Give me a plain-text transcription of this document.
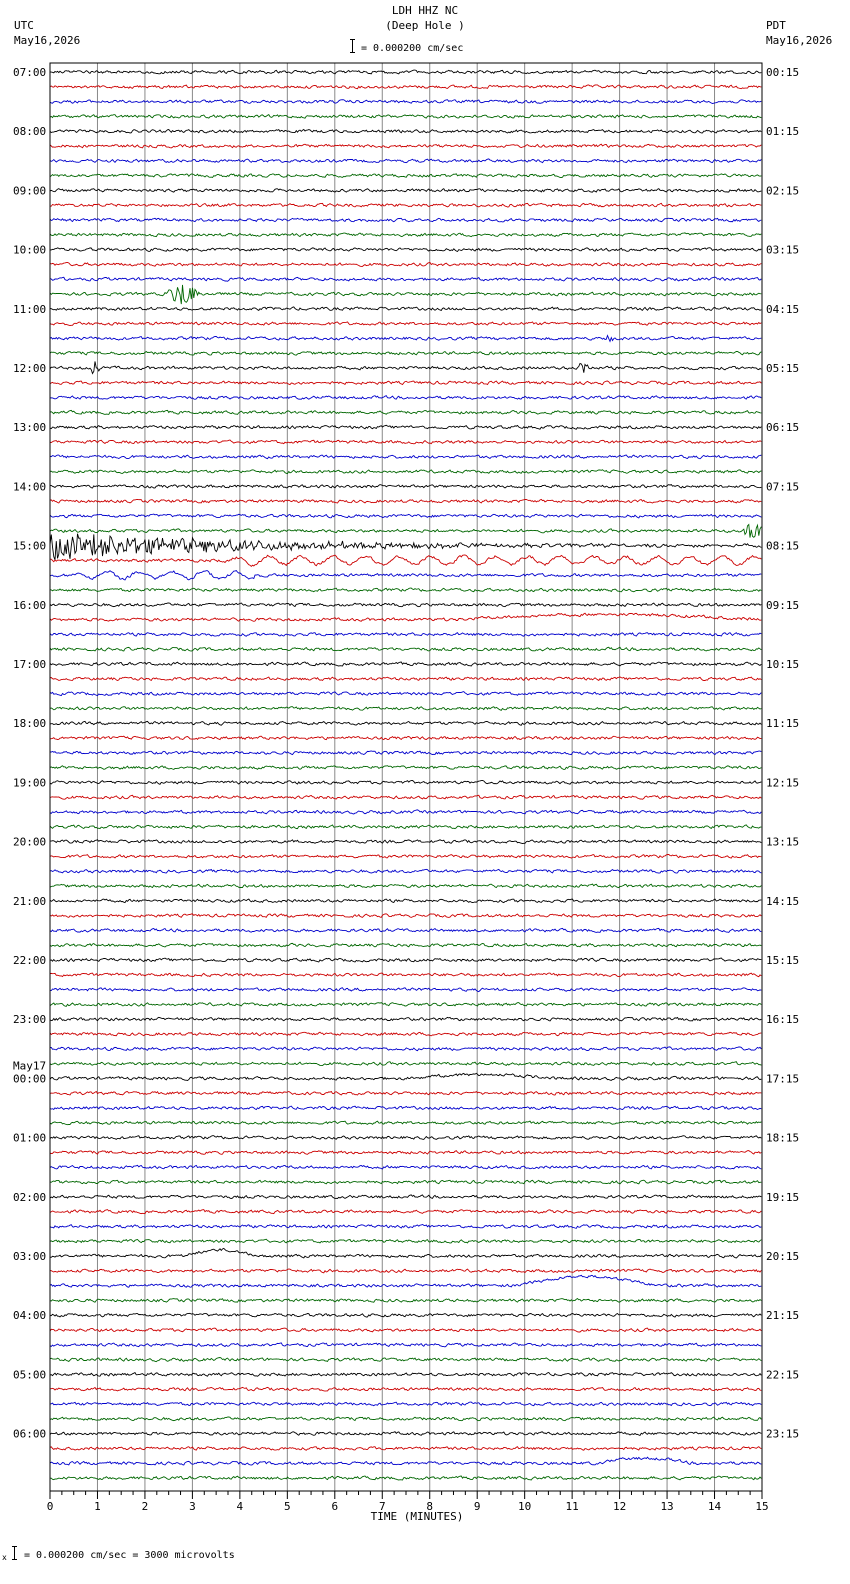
LDH HHZ NC
(Deep Hole )
= 0.000200 cm/sec
UTC
May16,2026
PDT
May16,2026
0	1	2	3	4	5	6	7	8	9	10	11	12	13	14	15
07:00
08:00
09:00
10:00
11:00
12:00
13:00
14:00
15:00
16:00
17:00
18:00
19:00
20:00
21:00
22:00
23:00
00:00
May17
01:00
02:00
03:00
04:00
05:00
06:00
00:15
01:15
02:15
03:15
04:15
05:15
06:15
07:15
08:15
09:15
10:15
11:15
12:15
13:15
14:15
15:15
16:15
17:15
18:15
19:15
20:15
21:15
22:15
23:15
TIME (MINUTES)
x = 0.000200 cm/sec = 3000 microvolts
